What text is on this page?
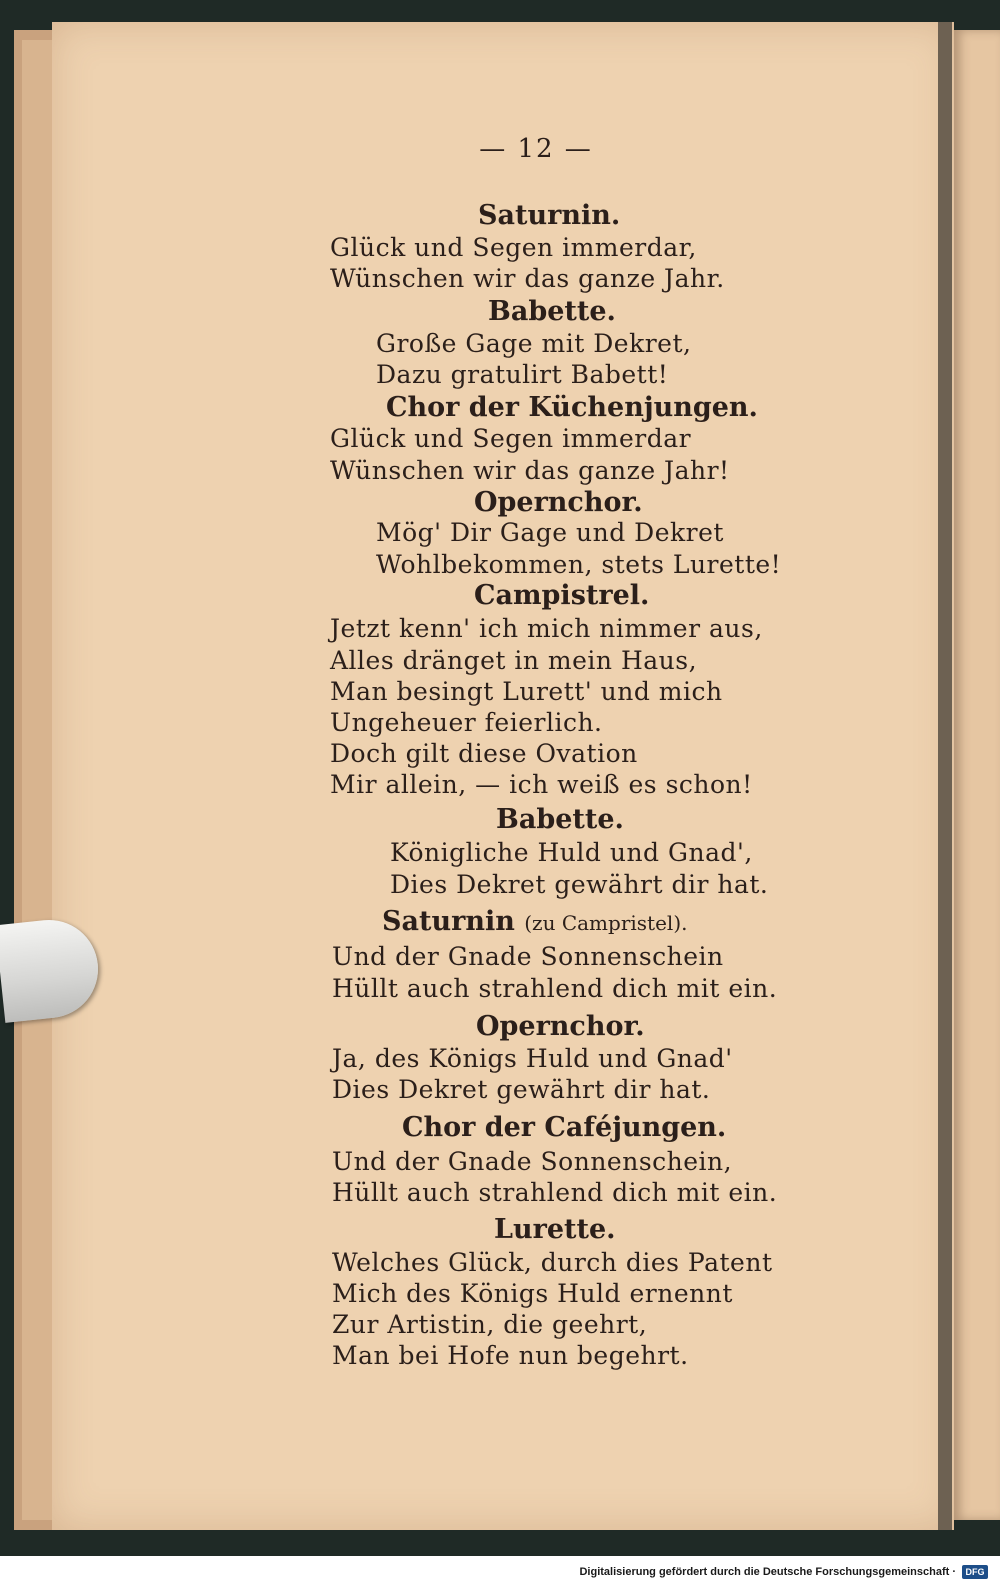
— 12 —
Saturnin.
Glück und Segen immerdar,
Wünschen wir das ganze Jahr.
Babette.
Große Gage mit Dekret,
Dazu gratulirt Babett!
Chor der Küchenjungen.
Glück und Segen immerdar
Wünschen wir das ganze Jahr!
Opernchor.
Mög' Dir Gage und Dekret
Wohlbekommen, stets Lurette!
Campistrel.
Jetzt kenn' ich mich nimmer aus,
Alles dränget in mein Haus,
Man besingt Lurett' und mich
Ungeheuer feierlich.
Doch gilt diese Ovation
Mir allein, — ich weiß es schon!
Babette.
Königliche Huld und Gnad',
Dies Dekret gewährt dir hat.
Saturnin (zu Campristel).
Und der Gnade Sonnenschein
Hüllt auch strahlend dich mit ein.
Opernchor.
Ja, des Königs Huld und Gnad'
Dies Dekret gewährt dir hat.
Chor der Caféjungen.
Und der Gnade Sonnenschein,
Hüllt auch strahlend dich mit ein.
Lurette.
Welches Glück, durch dies Patent
Mich des Königs Huld ernennt
Zur Artistin, die geehrt,
Man bei Hofe nun begehrt.
Digitalisierung gefördert durch die Deutsche Forschungsgemeinschaft ·	DFG
